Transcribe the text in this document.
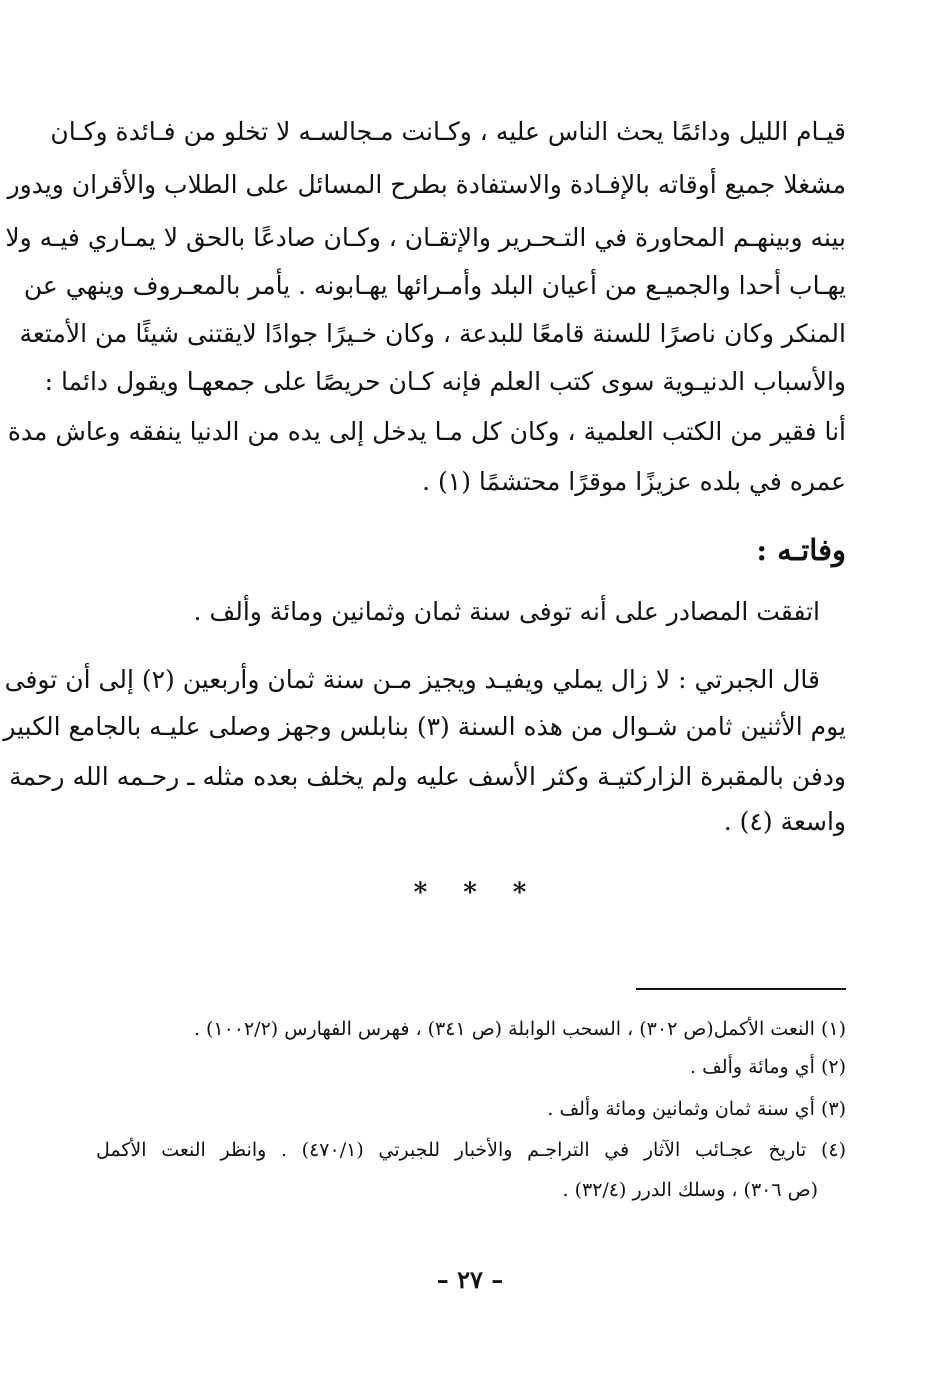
قيـام الليل ودائمًا يحث الناس عليه ، وكـانت مـجالسـه لا تخلو من فـائدة وكـان
مشغلا جميع أوقاته بالإفـادة والاستفادة بطرح المسائل على الطلاب والأقران ويدور
بينه وبينهـم المحاورة في التـحـرير والإتقـان ، وكـان صادعًا بالحق لا يمـاري فيـه ولا
يهـاب أحدا والجميـع من أعيان البلد وأمـرائها يهـابونه . يأمر بالمعـروف وينهي عن
المنكر وكان ناصرًا للسنة قامعًا للبدعة ، وكان خـيرًا جوادًا لايقتنى شيئًا من الأمتعة
والأسباب الدنيـوية سوى كتب العلم فإنه كـان حريصًا على جمعهـا ويقول دائما :
أنا فقير من الكتب العلمية ، وكان كل مـا يدخل إلى يده من الدنيا ينفقه وعاش مدة
عمره في بلده عزيزًا موقرًا محتشمًا (١) .
وفاتـه :
اتفقت المصادر على أنه توفى سنة ثمان وثمانين ومائة وألف .
قال الجبرتي : لا زال يملي ويفيـد ويجيز مـن سنة ثمان وأربعين (٢) إلى أن توفى
يوم الأثنين ثامن شـوال من هذه السنة (٣) بنابلس وجهز وصلى عليـه بالجامع الكبير
ودفن بالمقبرة الزاركتيـة وكثر الأسف عليه ولم يخلف بعده مثله ـ رحـمه الله رحمة
واسعة (٤) .
* * *
(١) النعت الأكمل(ص ٣٠٢) ، السحب الوابلة (ص ٣٤١) ، فهرس الفهارس (١٠٠٢/٢) .
(٢) أي ومائة وألف .
(٣) أي سنة ثمان وثمانين ومائة وألف .
(٤) تاريخ عجـائب الآثار في التراجـم والأخبار للجبرتي (٤٧٠/١) . وانظر النعت الأكمل
(ص ٣٠٦) ، وسلك الدرر (٣٢/٤) .
– ٢٧ –
